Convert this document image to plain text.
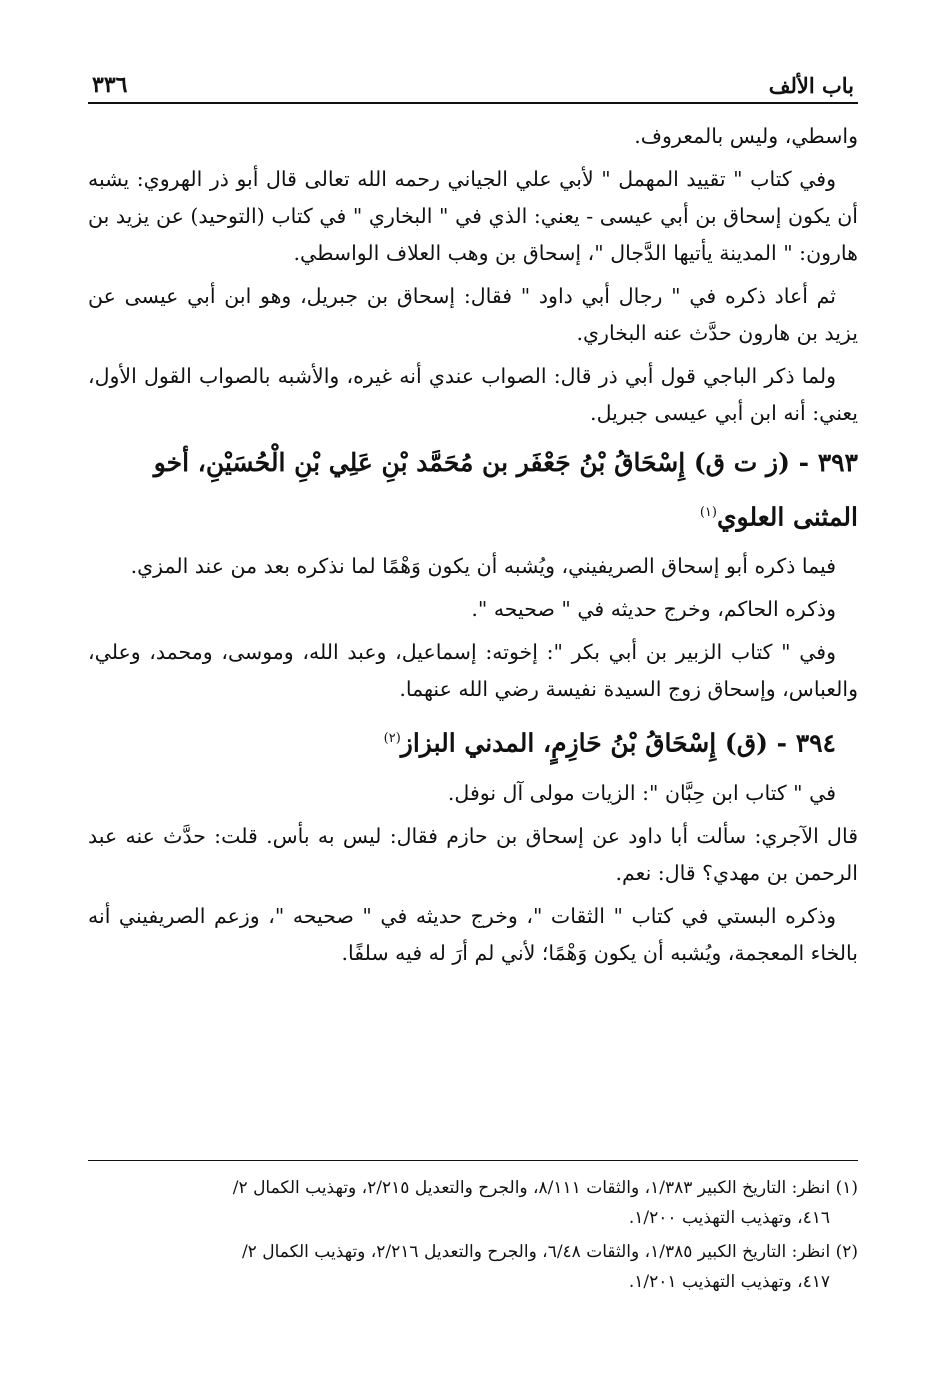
باب الألف
٣٣٦

واسطي، وليس بالمعروف.

وفي كتاب " تقييد المهمل " لأبي علي الجياني رحمه الله تعالى قال أبو ذر الهروي: يشبه أن يكون إسحاق بن أبي عيسى - يعني: الذي في " البخاري " في كتاب (التوحيد) عن يزيد بن هارون: " المدينة يأتيها الدَّجال "، إسحاق بن وهب العلاف الواسطي.

ثم أعاد ذكره في " رجال أبي داود " فقال: إسحاق بن جبريل، وهو ابن أبي عيسى عن يزيد بن هارون حدَّث عنه البخاري.

ولما ذكر الباجي قول أبي ذر قال: الصواب عندي أنه غيره، والأشبه بالصواب القول الأول، يعني: أنه ابن أبي عيسى جبريل.

٣٩٣ - (ز ت ق) إِسْحَاقُ بْنُ جَعْفَر بن مُحَمَّد بْنِ عَلِي بْنِ الْحُسَيْنِ، أخو المثنى العلوي$^{(١)}$

فيما ذكره أبو إسحاق الصريفيني، ويُشبه أن يكون وَهْمًا لما نذكره بعد من عند المزي.

وذكره الحاكم، وخرج حديثه في " صحيحه ".

وفي " كتاب الزبير بن أبي بكر ": إخوته: إسماعيل، وعبد الله، وموسى، ومحمد، وعلي، والعباس، وإسحاق زوج السيدة نفيسة رضي الله عنهما.

٣٩٤ - (ق) إِسْحَاقُ بْنُ حَازِمٍ، المدني البزاز$^{(٢)}$

في " كتاب ابن حِبَّان ": الزيات مولى آل نوفل.

قال الآجري: سألت أبا داود عن إسحاق بن حازم فقال: ليس به بأس. قلت: حدَّث عنه عبد الرحمن بن مهدي؟ قال: نعم.

وذكره البستي في كتاب " الثقات "، وخرج حديثه في " صحيحه "، وزعم الصريفيني أنه بالخاء المعجمة، ويُشبه أن يكون وَهْمًا؛ لأني لم أرَ له فيه سلفًا.

(١) انظر: التاريخ الكبير ١/٣٨٣، والثقات ٨/١١١، والجرح والتعديل ٢/٢١٥، وتهذيب الكمال ٢/
٤١٦، وتهذيب التهذيب ١/٢٠٠.
(٢) انظر: التاريخ الكبير ١/٣٨٥، والثقات ٦/٤٨، والجرح والتعديل ٢/٢١٦، وتهذيب الكمال ٢/
٤١٧، وتهذيب التهذيب ١/٢٠١.
